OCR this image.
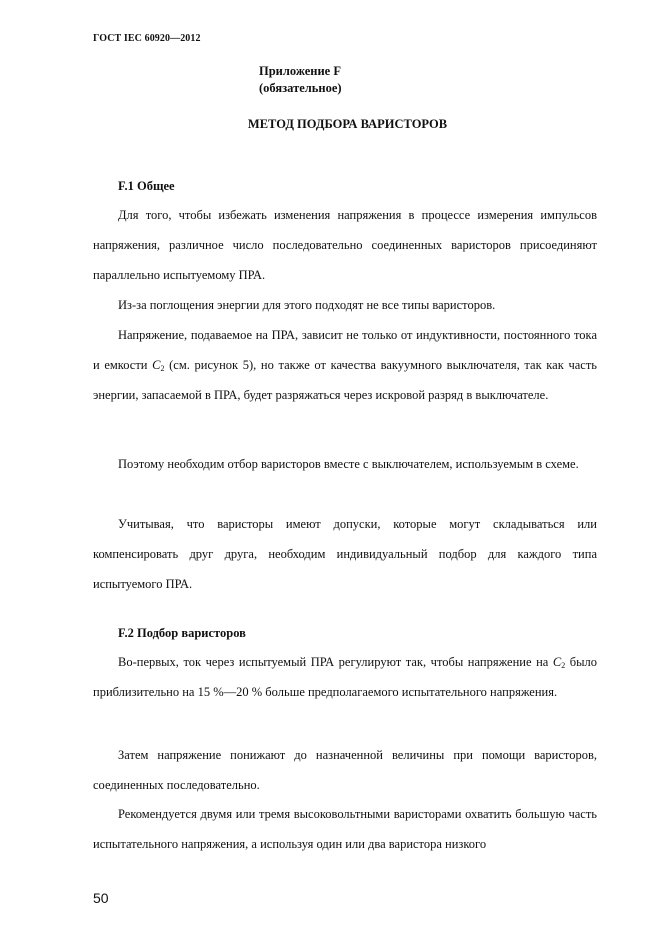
ГОСТ IEC 60920—2012
Приложение F
(обязательное)
МЕТОД ПОДБОРА ВАРИСТОРОВ
F.1 Общее
Для того, чтобы избежать изменения напряжения в процессе измерения импульсов напряжения, различное число последовательно соединенных варисторов присоединяют параллельно испытуемому ПРА.
Из-за поглощения энергии для этого подходят не все типы варисторов.
Напряжение, подаваемое на ПРА, зависит не только от индуктивности, постоянного тока и емкости $C_2$ (см. рисунок 5), но также от качества вакуумного выключателя, так как часть энергии, запасаемой в ПРА, будет разряжаться через искровой разряд в выключателе.
Поэтому необходим отбор варисторов вместе с выключателем, используемым в схеме.
Учитывая, что варисторы имеют допуски, которые могут складываться или компенсировать друг друга, необходим индивидуальный подбор для каждого типа испытуемого ПРА.
F.2 Подбор варисторов
Во-первых, ток через испытуемый ПРА регулируют так, чтобы напряжение на $C_2$ было приблизительно на 15 %—20 % больше предполагаемого испытательного напряжения.
Затем напряжение понижают до назначенной величины при помощи варисторов, соединенных последовательно.
Рекомендуется двумя или тремя высоковольтными варисторами охватить большую часть испытательного напряжения, а используя один или два варистора низкого
50
